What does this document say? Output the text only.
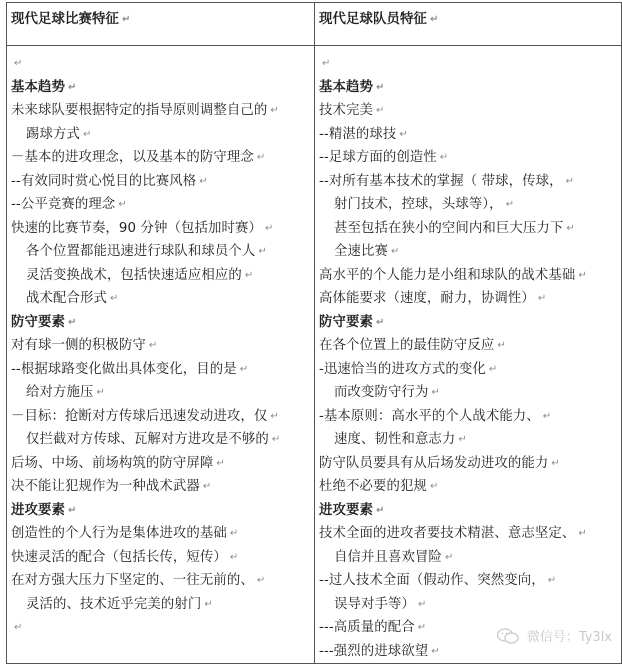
现代足球比赛特征 ↵	现代足球队员特征 ↵
↵
基本趋势 ↵
未来球队要根据特定的指导原则调整自己的 ↵
踢球方式 ↵
－基本的进攻理念，以及基本的防守理念 ↵
--有效同时赏心悦目的比赛风格 ↵
--公平竞赛的理念 ↵
快速的比赛节奏，90 分钟（包括加时赛） ↵
各个位置都能迅速进行球队和球员个人 ↵
灵活变换战术，包括快速适应相应的 ↵
战术配合形式 ↵
防守要素 ↵
对有球一侧的积极防守 ↵
--根据球路变化做出具体变化，目的是 ↵
给对方施压 ↵
－目标：抢断对方传球后迅速发动进攻，仅 ↵
仅拦截对方传球、瓦解对方进攻是不够的 ↵
后场、中场、前场构筑的防守屏障 ↵
决不能让犯规作为一种战术武器 ↵
进攻要素 ↵
创造性的个人行为是集体进攻的基础 ↵
快速灵活的配合（包括长传，短传） ↵
在对方强大压力下坚定的、一往无前的、 ↵
灵活的、技术近乎完美的射门 ↵
↵
↵
基本趋势 ↵
技术完美 ↵
--精湛的球技 ↵
--足球方面的创造性 ↵
--对所有基本技术的掌握（ 带球，传球， ↵
射门技术，控球，头球等）， ↵
甚至包括在狭小的空间内和巨大压力下 ↵
全速比赛 ↵
高水平的个人能力是小组和球队的战术基础 ↵
高体能要求（速度，耐力，协调性） ↵
防守要素 ↵
在各个位置上的最佳防守反应 ↵
-迅速恰当的进攻方式的变化 ↵
而改变防守行为 ↵
-基本原则：高水平的个人战术能力、 ↵
速度、韧性和意志力 ↵
防守队员要具有从后场发动进攻的能力 ↵
杜绝不必要的犯规 ↵
进攻要素 ↵
技术全面的进攻者要技术精湛、意志坚定、 ↵
自信并且喜欢冒险 ↵
--过人技术全面（假动作、突然变向， ↵
误导对手等） ↵
---高质量的配合 ↵
---强烈的进球欲望 ↵
微信号：Ty3lx
